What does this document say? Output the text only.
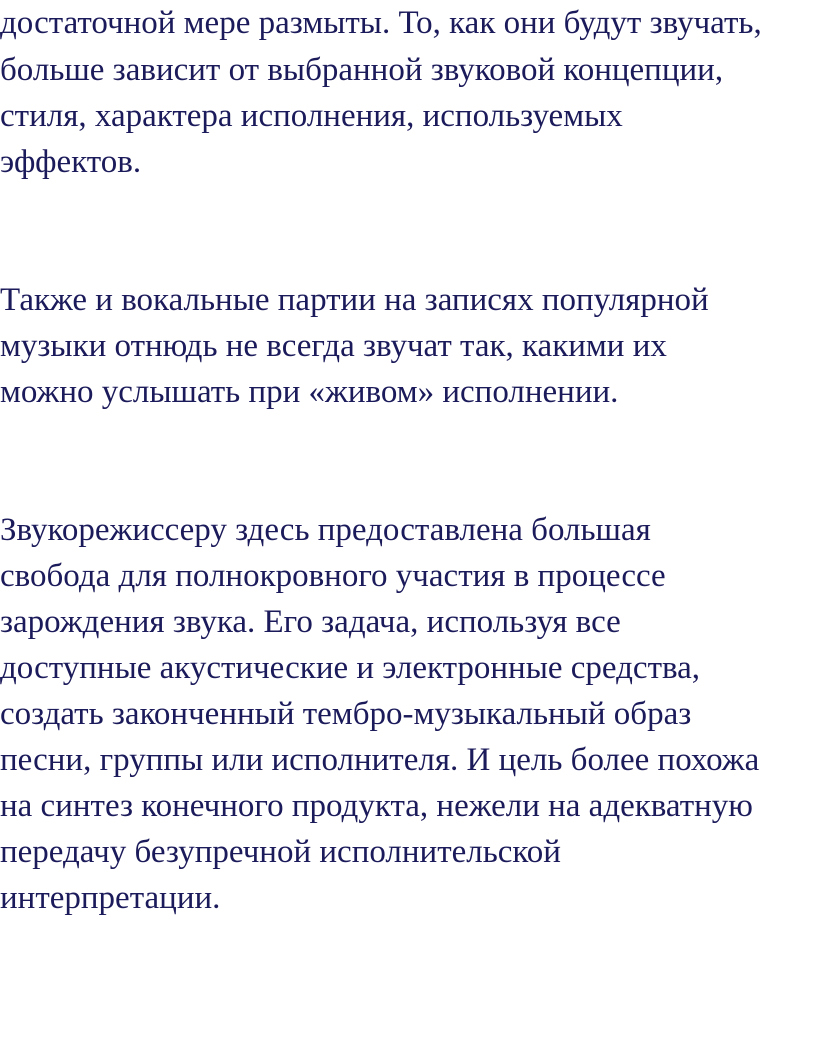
достаточной мере размыты. То, как они будут звучать,
больше зависит от выбранной звуковой концепции,
стиля, характера исполнения, используемых
эффектов.
Также и вокальные партии на записях популярной
музыки отнюдь не всегда звучат так, какими их
можно услышать при «живом» исполнении.
Звукорежиссеру здесь предоставлена большая
свобода для полнокровного участия в процессе
зарождения звука. Его задача, используя все
доступные акустические и электронные средства,
создать законченный тембро-музыкальный образ
песни, группы или исполнителя. И цель более похожа
на синтез конечного продукта, нежели на адекватную
передачу безупречной исполнительской
интерпретации.
